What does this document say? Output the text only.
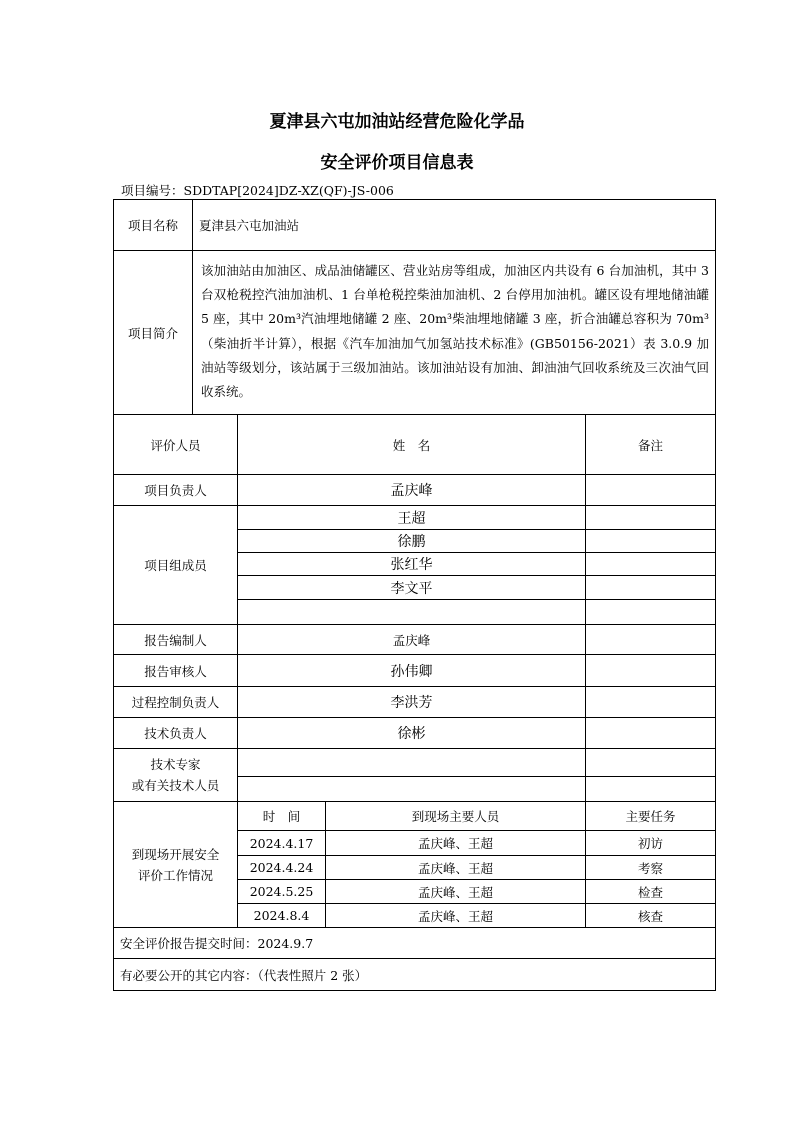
夏津县六屯加油站经营危险化学品
安全评价项目信息表
项目编号：SDDTAP[2024]DZ-XZ(QF)-JS-006
项目名称	夏津县六屯加油站
项目简介	该加油站由加油区、成品油储罐区、营业站房等组成，加油区内共设有 6 台加油机，其中 3 台双枪税控汽油加油机、1 台单枪税控柴油加油机、2 台停用加油机。罐区设有埋地储油罐 5 座，其中 20m³汽油埋地储罐 2 座、20m³柴油埋地储罐 3 座，折合油罐总容积为 70m³（柴油折半计算），根据《汽车加油加气加氢站技术标准》(GB50156-2021）表 3.0.9 加油站等级划分，该站属于三级加油站。该加油站设有加油、卸油油气回收系统及三次油气回收系统。
评价人员	姓　名		备注
项目负责人	孟庆峰		
项目组成员	王超		
	徐鹏		
	张红华		
	李文平		

报告编制人	孟庆峰		
报告审核人	孙伟卿		
过程控制负责人	李洪芳		
技术负责人	徐彬		

技术专家
或有关技术人员			

到现场开展安全
评价工作情况	时　间	到现场主要人员	主要任务
	2024.4.17	孟庆峰、王超	初访
	2024.4.24	孟庆峰、王超	考察
	2024.5.25	孟庆峰、王超	检查
	2024.8.4	孟庆峰、王超	核查
安全评价报告提交时间：2024.9.7			
有必要公开的其它内容：（代表性照片 2 张）			
